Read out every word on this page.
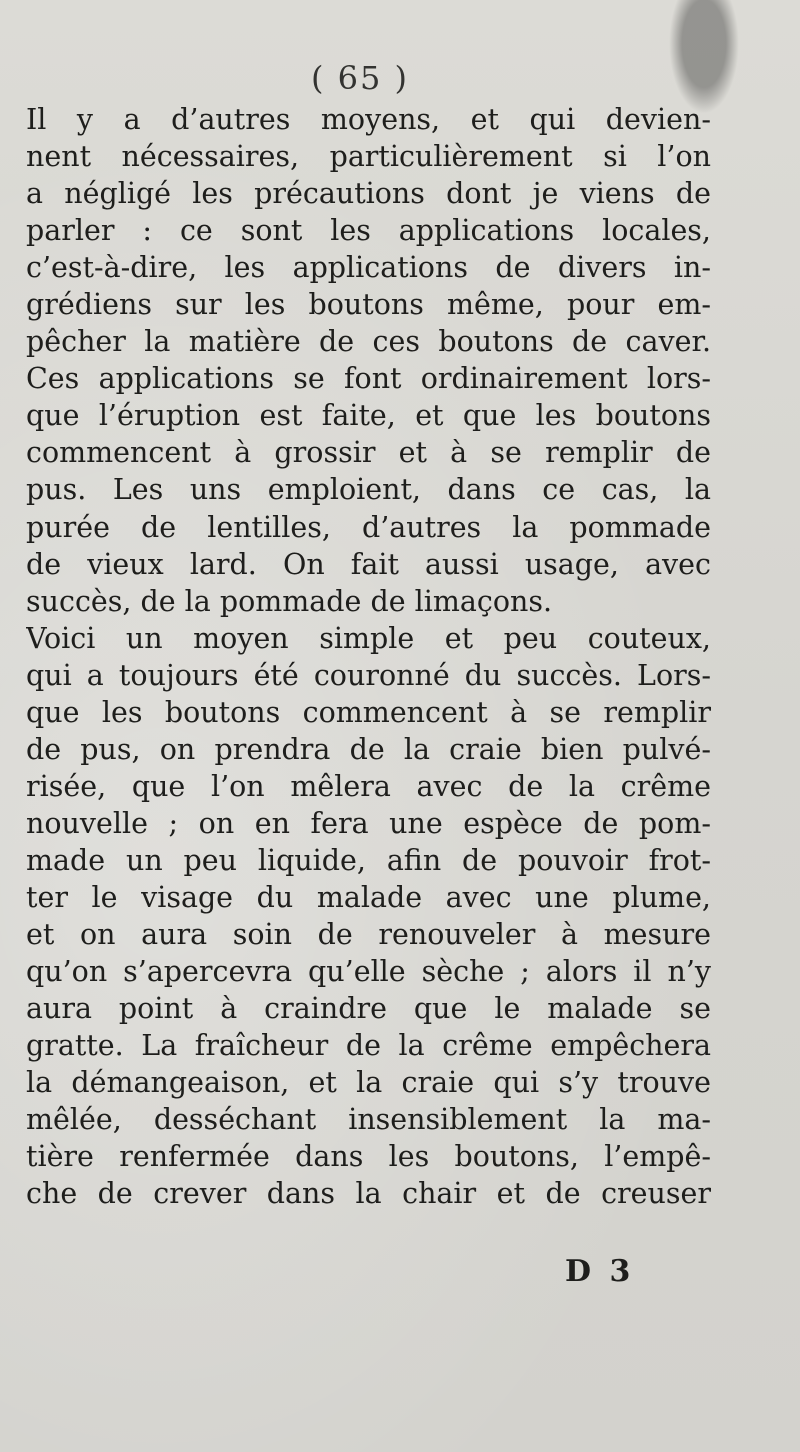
( 65 )
Il y a d’autres moyens, et qui devien-
nent nécessaires, particulièrement si l’on
a négligé les précautions dont je viens de
parler : ce sont les applications locales,
c’est-à-dire, les applications de divers in-
grédiens sur les boutons même, pour em-
pêcher la matière de ces boutons de caver.
Ces applications se font ordinairement lors-
que l’éruption est faite, et que les boutons
commencent à grossir et à se remplir de
pus. Les uns emploient, dans ce cas, la
purée de lentilles, d’autres la pommade
de vieux lard. On fait aussi usage, avec
succès, de la pommade de limaçons.
Voici un moyen simple et peu couteux,
qui a toujours été couronné du succès. Lors-
que les boutons commencent à se remplir
de pus, on prendra de la craie bien pulvé-
risée, que l’on mêlera avec de la crême
nouvelle ; on en fera une espèce de pom-
made un peu liquide, afin de pouvoir frot-
ter le visage du malade avec une plume,
et on aura soin de renouveler à mesure
qu’on s’apercevra qu’elle sèche ; alors il n’y
aura point à craindre que le malade se
gratte. La fraîcheur de la crême empêchera
la démangeaison, et la craie qui s’y trouve
mêlée, desséchant insensiblement la ma-
tière renfermée dans les boutons, l’empê-
che de crever dans la chair et de creuser
D 3
